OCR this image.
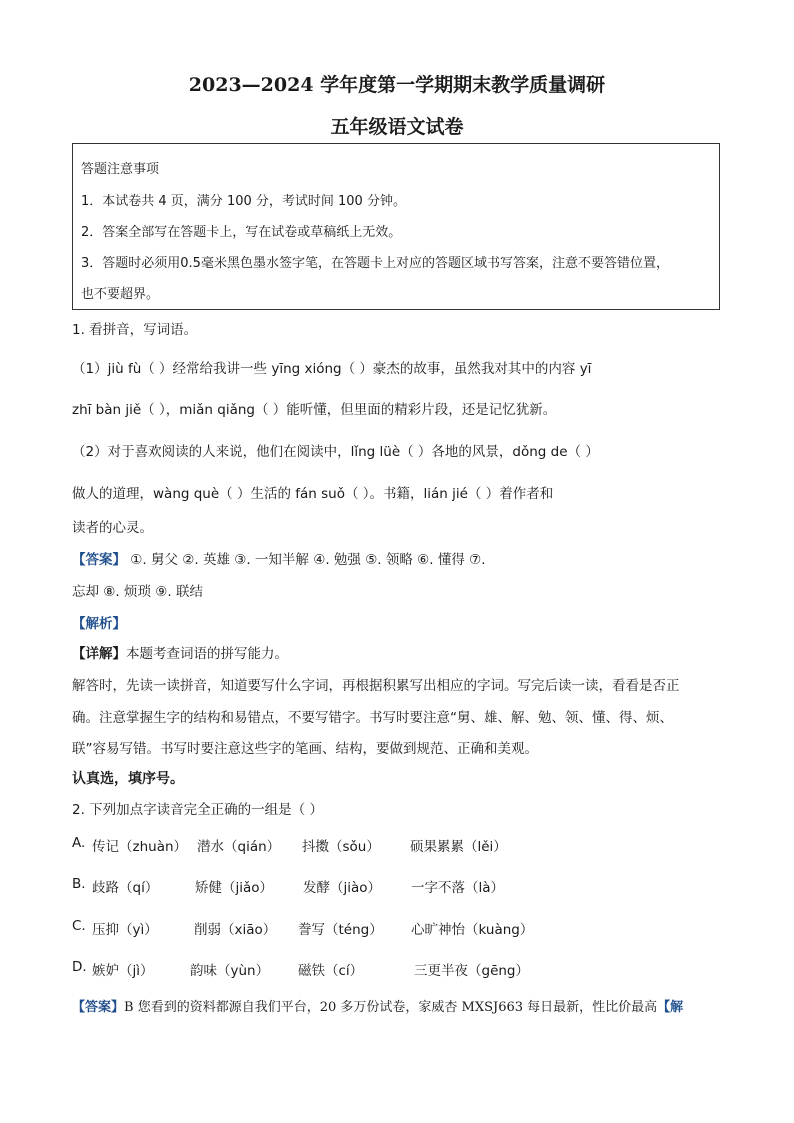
2023—2024 学年度第一学期期末教学质量调研
五年级语文试卷
答题注意事项
1．本试卷共 4 页，满分 100 分，考试时间 100 分钟。
2．答案全部写在答题卡上，写在试卷或草稿纸上无效。
3．答题时必须用0.5毫米黑色墨水签字笔，在答题卡上对应的答题区域书写答案，注意不要答错位置，
也不要超界。
1. 看拼音，写词语。
（1）jiù fù（ ）经常给我讲一些 yīng xióng（ ）豪杰的故事，虽然我对其中的内容 yī
zhī bàn jiě（ ），miǎn qiǎng（ ）能听懂，但里面的精彩片段，还是记忆犹新。
（2）对于喜欢阅读的人来说，他们在阅读中，lǐng lüè（ ）各地的风景，dǒng de（ ）
做人的道理，wàng què（ ）生活的 fán suǒ（ ）。书籍，lián jié（ ）着作者和
读者的心灵。
【答案】 ①. 舅父 ②. 英雄 ③. 一知半解 ④. 勉强 ⑤. 领略 ⑥. 懂得 ⑦.
忘却 ⑧. 烦琐 ⑨. 联结
【解析】
【详解】本题考查词语的拼写能力。
解答时，先读一读拼音，知道要写什么字词，再根据积累写出相应的字词。写完后读一读，看看是否正
确。注意掌握生字的结构和易错点，不要写错字。书写时要注意“舅、雄、解、勉、领、懂、得、烦、
联”容易写错。书写时要注意这些字的笔画、结构，要做到规范、正确和美观。
认真选，填序号。
2. 下列加点字读音完全正确的一组是（ ）
A. 传记（zhuàn） 潜水（qián） 抖擞（sǒu） 硕果累累（lěi）
B. 歧路（qí）	矫健（jiǎo） 发酵（jiào） 一字不落（là）
C. 压抑（yì）	削弱（xiāo） 誊写（téng） 心旷神怡（kuàng）
D. 嫉妒（jì）	韵味（yùn） 磁铁（cí）	三更半夜（gēng）
【答案】B 您看到的资料都源自我们平台，20 多万份试卷，家威杏 MXSJ663 每日最新，性比价最高【解
